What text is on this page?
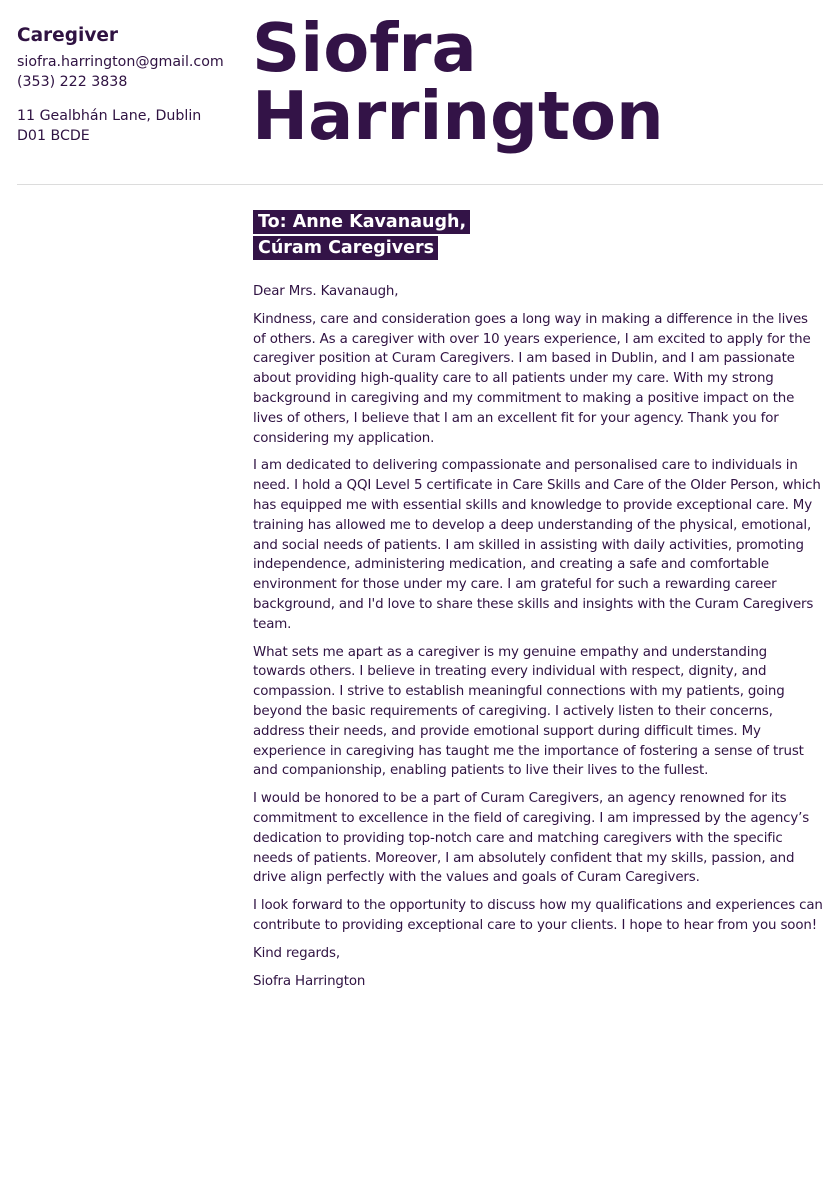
Caregiver
siofra.harrington@gmail.com
(353) 222 3838
11 Gealbhán Lane, Dublin D01 BCDE
Siofra
Harrington
To: Anne Kavanaugh,
Cúram Caregivers

Dear Mrs. Kavanaugh,

Kindness, care and consideration goes a long way in making a difference in the lives of others. As a caregiver with over 10 years experience, I am excited to apply for the caregiver position at Curam Caregivers. I am based in Dublin, and I am passionate about providing high-quality care to all patients under my care. With my strong background in caregiving and my commitment to making a positive impact on the lives of others, I believe that I am an excellent fit for your agency. Thank you for considering my application.

I am dedicated to delivering compassionate and personalised care to individuals in need. I hold a QQI Level 5 certificate in Care Skills and Care of the Older Person, which has equipped me with essential skills and knowledge to provide exceptional care. My training has allowed me to develop a deep understanding of the physical, emotional, and social needs of patients. I am skilled in assisting with daily activities, promoting independence, administering medication, and creating a safe and comfortable environment for those under my care. I am grateful for such a rewarding career background, and I'd love to share these skills and insights with the Curam Caregivers team.

What sets me apart as a caregiver is my genuine empathy and understanding towards others. I believe in treating every individual with respect, dignity, and compassion. I strive to establish meaningful connections with my patients, going beyond the basic requirements of caregiving. I actively listen to their concerns, address their needs, and provide emotional support during difficult times. My experience in caregiving has taught me the importance of fostering a sense of trust and companionship, enabling patients to live their lives to the fullest.

I would be honored to be a part of Curam Caregivers, an agency renowned for its commitment to excellence in the field of caregiving. I am impressed by the agency’s dedication to providing top-notch care and matching caregivers with the specific needs of patients. Moreover, I am absolutely confident that my skills, passion, and drive align perfectly with the values and goals of Curam Caregivers.

I look forward to the opportunity to discuss how my qualifications and experiences can contribute to providing exceptional care to your clients. I hope to hear from you soon!

Kind regards,

Siofra Harrington
